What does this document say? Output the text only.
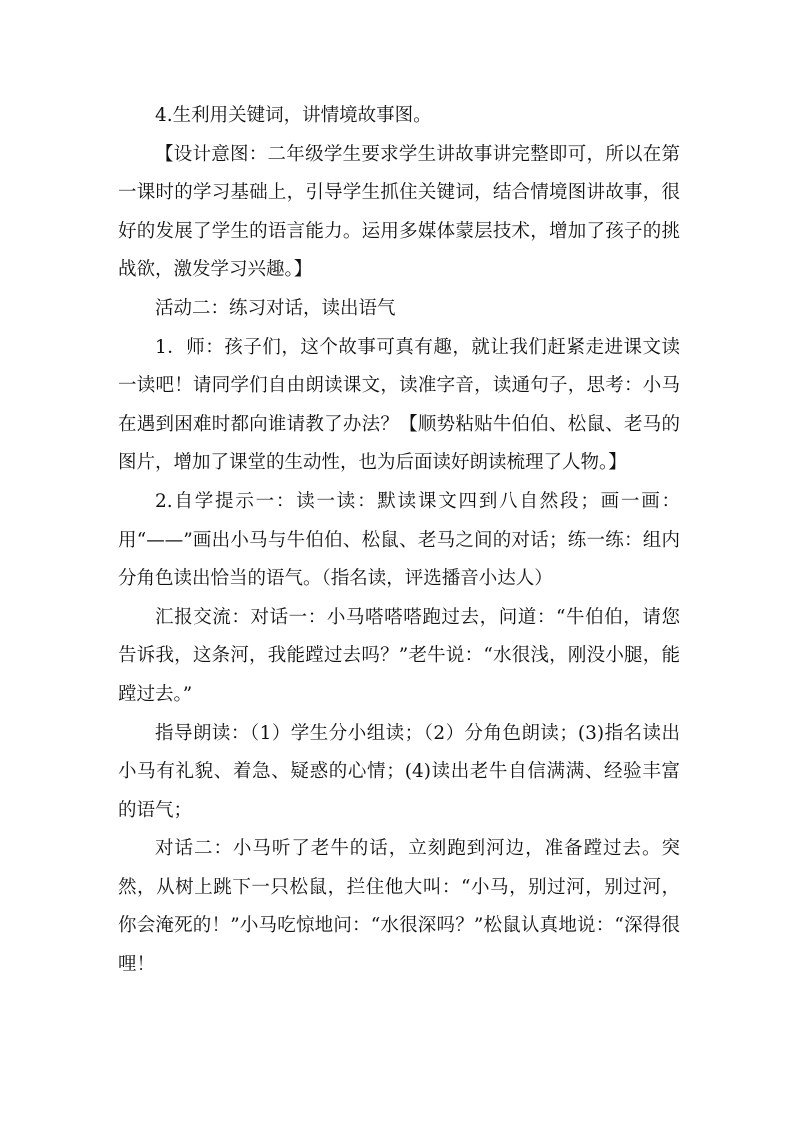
4.生利用关键词，讲情境故事图。

【设计意图：二年级学生要求学生讲故事讲完整即可，所以在第一课时的学习基础上，引导学生抓住关键词，结合情境图讲故事，很好的发展了学生的语言能力。运用多媒体蒙层技术，增加了孩子的挑战欲，激发学习兴趣。】

活动二：练习对话，读出语气

1．师：孩子们，这个故事可真有趣，就让我们赶紧走进课文读一读吧！请同学们自由朗读课文，读准字音，读通句子，思考：小马在遇到困难时都向谁请教了办法？【顺势粘贴牛伯伯、松鼠、老马的图片，增加了课堂的生动性，也为后面读好朗读梳理了人物。】

2.自学提示一：读一读：默读课文四到八自然段；画一画：用“——”画出小马与牛伯伯、松鼠、老马之间的对话；练一练：组内分角色读出恰当的语气。（指名读，评选播音小达人）

汇报交流：对话一：小马嗒嗒嗒跑过去，问道：“牛伯伯，请您告诉我，这条河，我能蹚过去吗？”老牛说：“水很浅，刚没小腿，能蹚过去。”

指导朗读：（1）学生分小组读；（2）分角色朗读；(3)指名读出小马有礼貌、着急、疑惑的心情；(4)读出老牛自信满满、经验丰富的语气；

对话二：小马听了老牛的话，立刻跑到河边，准备蹚过去。突然，从树上跳下一只松鼠，拦住他大叫：“小马，别过河，别过河，你会淹死的！”小马吃惊地问：“水很深吗？”松鼠认真地说：“深得很哩！
